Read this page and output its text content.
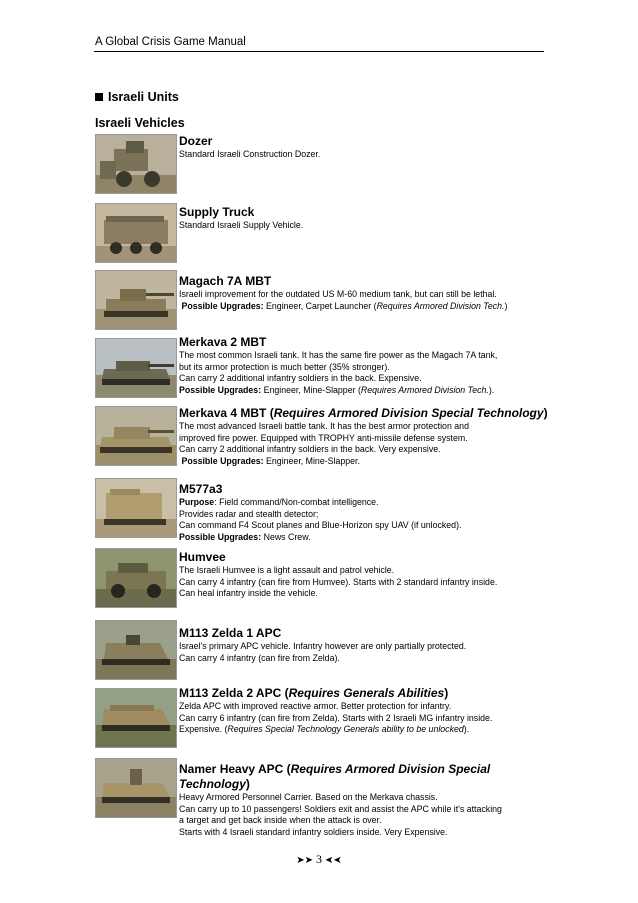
A Global Crisis Game Manual
Israeli Units
Israeli Vehicles
Dozer
Standard Israeli Construction Dozer.
Supply Truck
Standard Israeli Supply Vehicle.
Magach 7A MBT
Israeli improvement for the outdated US M-60 medium tank, but can still be lethal.
Possible Upgrades: Engineer, Carpet Launcher (Requires Armored Division Tech.)
Merkava 2 MBT
The most common Israeli tank. It has the same fire power as the Magach 7A tank,
but its armor protection is much better (35% stronger).
Can carry 2 additional infantry soldiers in the back. Expensive.
Possible Upgrades: Engineer, Mine-Slapper (Requires Armored Division Tech.).
Merkava 4 MBT (Requires Armored Division Special Technology)
The most advanced Israeli battle tank. It has the best armor protection and
improved fire power. Equipped with TROPHY anti-missile defense system.
Can carry 2 additional infantry soldiers in the back. Very expensive.
Possible Upgrades: Engineer, Mine-Slapper.
M577a3
Purpose: Field command/Non-combat intelligence.
Provides radar and stealth detector;
Can command F4 Scout planes and Blue-Horizon spy UAV (if unlocked).
Possible Upgrades: News Crew.
Humvee
The Israeli Humvee is a light assault and patrol vehicle.
Can carry 4 infantry (can fire from Humvee). Starts with 2 standard infantry inside.
Can heal infantry inside the vehicle.
M113 Zelda 1 APC
Israel's primary APC vehicle. Infantry however are only partially protected.
Can carry 4 infantry (can fire from Zelda).
M113 Zelda 2 APC (Requires Generals Abilities)
Zelda APC with improved reactive armor. Better protection for infantry.
Can carry 6 infantry (can fire from Zelda). Starts with 2 Israeli MG infantry inside.
Expensive. (Requires Special Technology Generals ability to be unlocked).
Namer Heavy APC (Requires Armored Division Special Technology)
Heavy Armored Personnel Carrier. Based on the Merkava chassis.
Can carry up to 10 passengers! Soldiers exit and assist the APC while it's attacking
a target and get back inside when the attack is over.
Starts with 4 Israeli standard infantry soldiers inside. Very Expensive.
➤➤ 3 ➤➤
